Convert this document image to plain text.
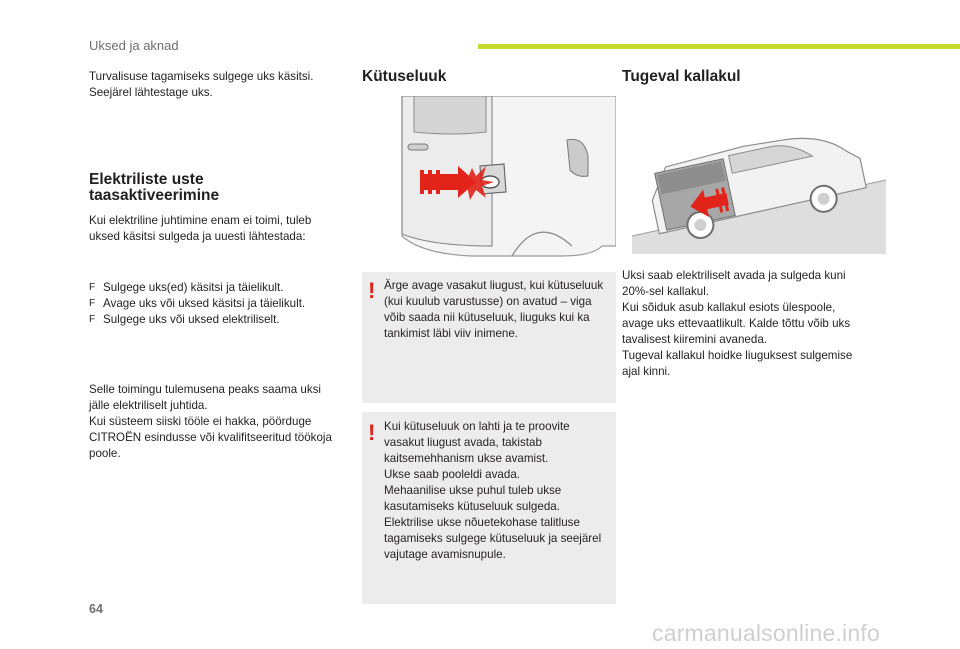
Uksed ja aknad
Turvalisuse tagamiseks sulgege uks käsitsi.
Seejärel lähtestage uks.
Elektriliste uste
taasaktiveerimine
Kui elektriline juhtimine enam ei toimi, tuleb
uksed käsitsi sulgeda ja uuesti lähtestada:
F Sulgege uks(ed) käsitsi ja täielikult.
F Avage uks või uksed käsitsi ja täielikult.
F Sulgege uks või uksed elektriliselt.
Selle toimingu tulemusena peaks saama uksi
jälle elektriliselt juhtida.
Kui süsteem siiski tööle ei hakka, pöörduge
CITROËN esindusse või kvalifitseeritud töökoja
poole.
Kütuseluuk
! Ärge avage vasakut liugust, kui kütuseluuk
(kui kuulub varustusse) on avatud – viga
võib saada nii kütuseluuk, liuguks kui ka
tankimist läbi viiv inimene.
! Kui kütuseluuk on lahti ja te proovite
vasakut liugust avada, takistab
kaitsemehhanism ukse avamist.
Ukse saab pooleldi avada.
Mehaanilise ukse puhul tuleb ukse
kasutamiseks kütuseluuk sulgeda.
Elektrilise ukse nõuetekohase talitluse
tagamiseks sulgege kütuseluuk ja seejärel
vajutage avamisnupule.
Tugeval kallakul
Uksi saab elektriliselt avada ja sulgeda kuni
20%-sel kallakul.
Kui sõiduk asub kallakul esiots ülespoole,
avage uks ettevaatlikult. Kalde tõttu võib uks
tavalisest kiiremini avaneda.
Tugeval kallakul hoidke liuguksest sulgemise
ajal kinni.
64
carmanualsonline.info
